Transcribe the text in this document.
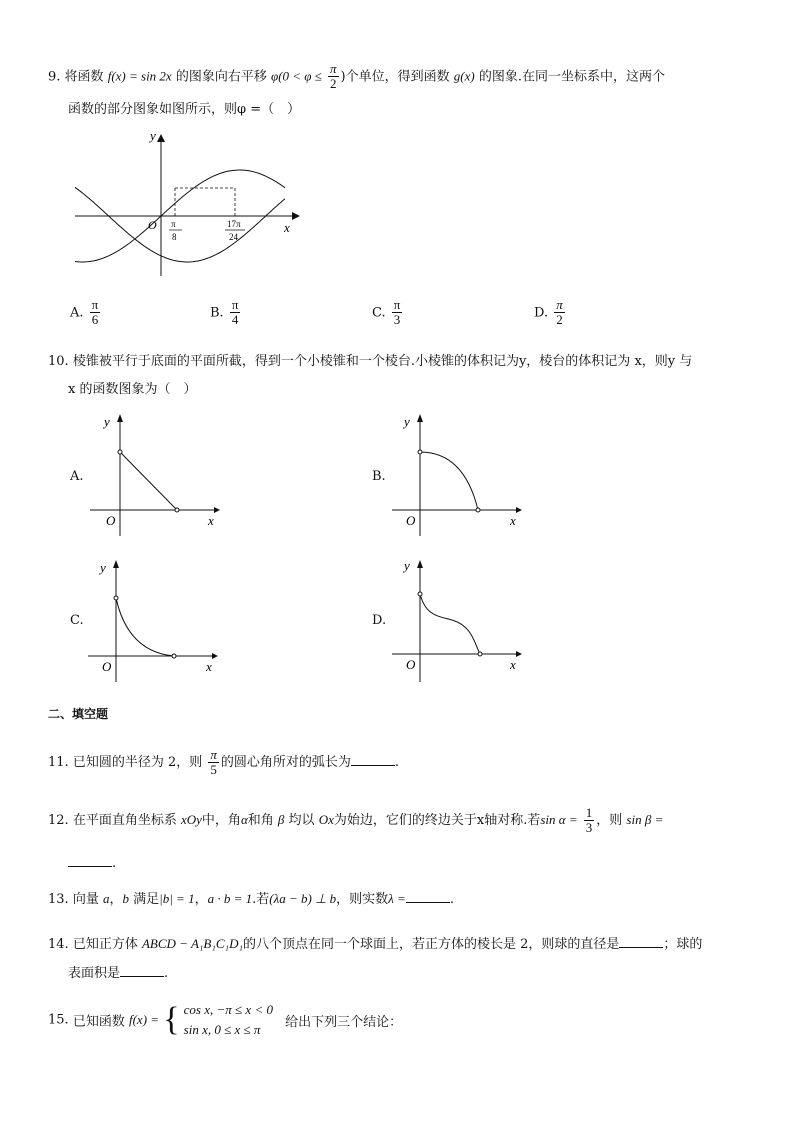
9. 将函数 f(x) = sin 2x 的图象向右平移 $\varphi(0 < \varphi \le \frac{\pi}{2}$ )个单位，得到函数 g(x) 的图象.在同一坐标系中，这两个
函数的部分图象如图所示，则φ =（　）
y
x
O π
8
17π
24
A. $\frac{\pi}{6}$	B. $\frac{\pi}{4}$	C. $\frac{\pi}{3}$	D. $\frac{\pi}{2}$
10. 棱锥被平行于底面的平面所截，得到一个小棱锥和一个棱台.小棱锥的体积记为y，棱台的体积记为 x，则y 与
x 的函数图象为（　）
A.	B.
C.	D.
y
x
O
y
x
O
y
x
O
y
x
O
二、填空题
11. 已知圆的半径为 2，则 $\frac{\pi}{5}$ 的圆心角所对的弧长为	.
12. 在平面直角坐标系 xOy中，角α和角 β 均以 Ox为始边，它们的终边关于x轴对称.若$\sin \alpha = \frac{1}{3}$ ，则 sin β =
.
13. 向量 a，b 满足|b| = 1，a · b = 1.若(λa − b) ⊥ b，则实数λ =	.
14. 已知正方体 ABCD − A₁B₁C₁D₁的八个顶点在同一个球面上，若正方体的棱长是 2，则球的直径是	；球的
表面积是	.
15. 已知函数 f(x) = { cos x, −π ≤ x < 0
sin x, 0 ≤ x ≤ π	给出下列三个结论：
